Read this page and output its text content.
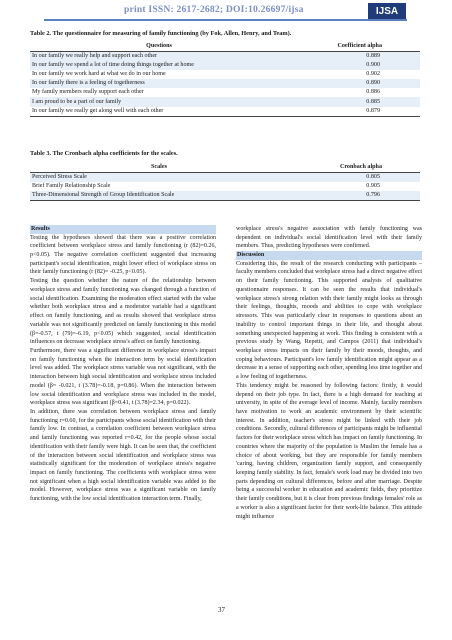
print ISSN: 2617-2682; DOI:10.26697/ijsa	IJSA
Table 2. The questionnaire for measuring of family functioning (by Fok, Allen, Henry, and Team).
Questions	Coefficient alpha
In our family we really help and support each other	0.889
In our family we spend a lot of time doing things together at home	0.900
In our family we work hard at what we do in our home	0.902
In our family there is a feeling of togetherness	0.890
My family members really support each other	0.886
I am proud to be a part of our family	0.885
In our family we really get along well with each other	0.879
Table 3. The Cronbach alpha coefficients for the scales.
Scales	Cronbach alpha
Perceived Stress Scale	0.805
Brief Family Relationship Scale	0.905
Three-Dimensional Strength of Group Identification Scale	0.796
Results

Testing the hypotheses showed that there was a positive correlation coefficient between workplace stress and family functioning (r (82)=0.26, p<0.05). The negative correlation coefficient suggested that increasing participant's social identification, might lower effect of workplace stress on their family functioning (r (82)= -0.25, p<0.05).

Testing the question whether the nature of the relationship between workplace stress and family functioning was changed through a function of social identification. Examining the moderation effect started with the value whether both workplace stress and a moderator variable had a significant effect on family functioning, and as results showed that workplace stress variable was not significantly predicted on family functioning in this model (β=-0.57, t (79)=-6.19, p<0.05) which suggested, social identification influences on decrease workplace stress's affect on family functioning.

Furthermore, there was a significant difference in workplace stress's impact on family functioning when the interaction term by social identification level was added. The workplace stress variable was not significant, with the interaction between high social identification and workplace stress included model (β= -0.021, t (3.78)=-0.18, p=0.86). When the interaction between low social identification and workplace stress was included in the model, workplace stress was significant (β=0.41, t (3.78)=2.34, p=0.022).

In addition, there was correlation between workplace stress and family functioning r=0.60, for the participants whose social identification with their family low. In contrast, a correlation coefficient between workplace stress and family functioning was reported r=0.42, for the people whose social identification with their family were high. It can be seen that, the coefficient of the interaction between social identification and workplace stress was statistically significant for the moderation of workplace stress's negative impact on family functioning. The coefficients with workplace stress were not significant when a high social identification variable was added to the model. However, workplace stress was a significant variable on family functioning, with the low social identification interaction term. Finally,

workplace stress's negative association with family functioning was dependent on individual's social identification level with their family members. Thus, predicting hypotheses were confirmed.

Discussion

Considering this, the result of the research conducting with participants – faculty members concluded that workplace stress had a direct negative effect on their family functioning. This supported analysis of qualitative questionnaire responses. It can be seen the results that individual's workplace stress's strong relation with their family might looks as through their feelings, thoughts, moods and abilities to cope with workplace stressors. This was particularly clear in responses to questions about an inability to control important things in their life, and thought about something unexpected happening at work. This finding is consistent with a previous study by Wang, Repetti, and Campos (2011) that individual's workplace stress impacts on their family by their moods, thoughts, and coping behaviours. Participant's low family identification might appear as a decrease in a sense of supporting each other, spending less time together and a low feeling of togetherness.

This tendency might be reasoned by following factors: firstly, it would depend on their job type. In fact, there is a high demand for teaching at university, in spite of the average level of income. Mainly, faculty members have motivation to work an academic environment by their scientific interest. In addition, teacher's stress might be linked with their job conditions. Secondly, cultural differences of participants might be influential factors for their workplace stress which has impact on family functioning. In countries where the majority of the population is Muslim the female has a choice of about working, but they are responsible for family members 'caring, having children, organization family support, and consequently keeping family stability. In fact, female's work load may be divided into two parts depending on cultural differences, before and after marriage. Despite being a successful worker in education and academic fields, they prioritize their family conditions, but it is clear from previous findings females' role as a worker is also a significant factor for their work-life balance. This attitude might influence

37
